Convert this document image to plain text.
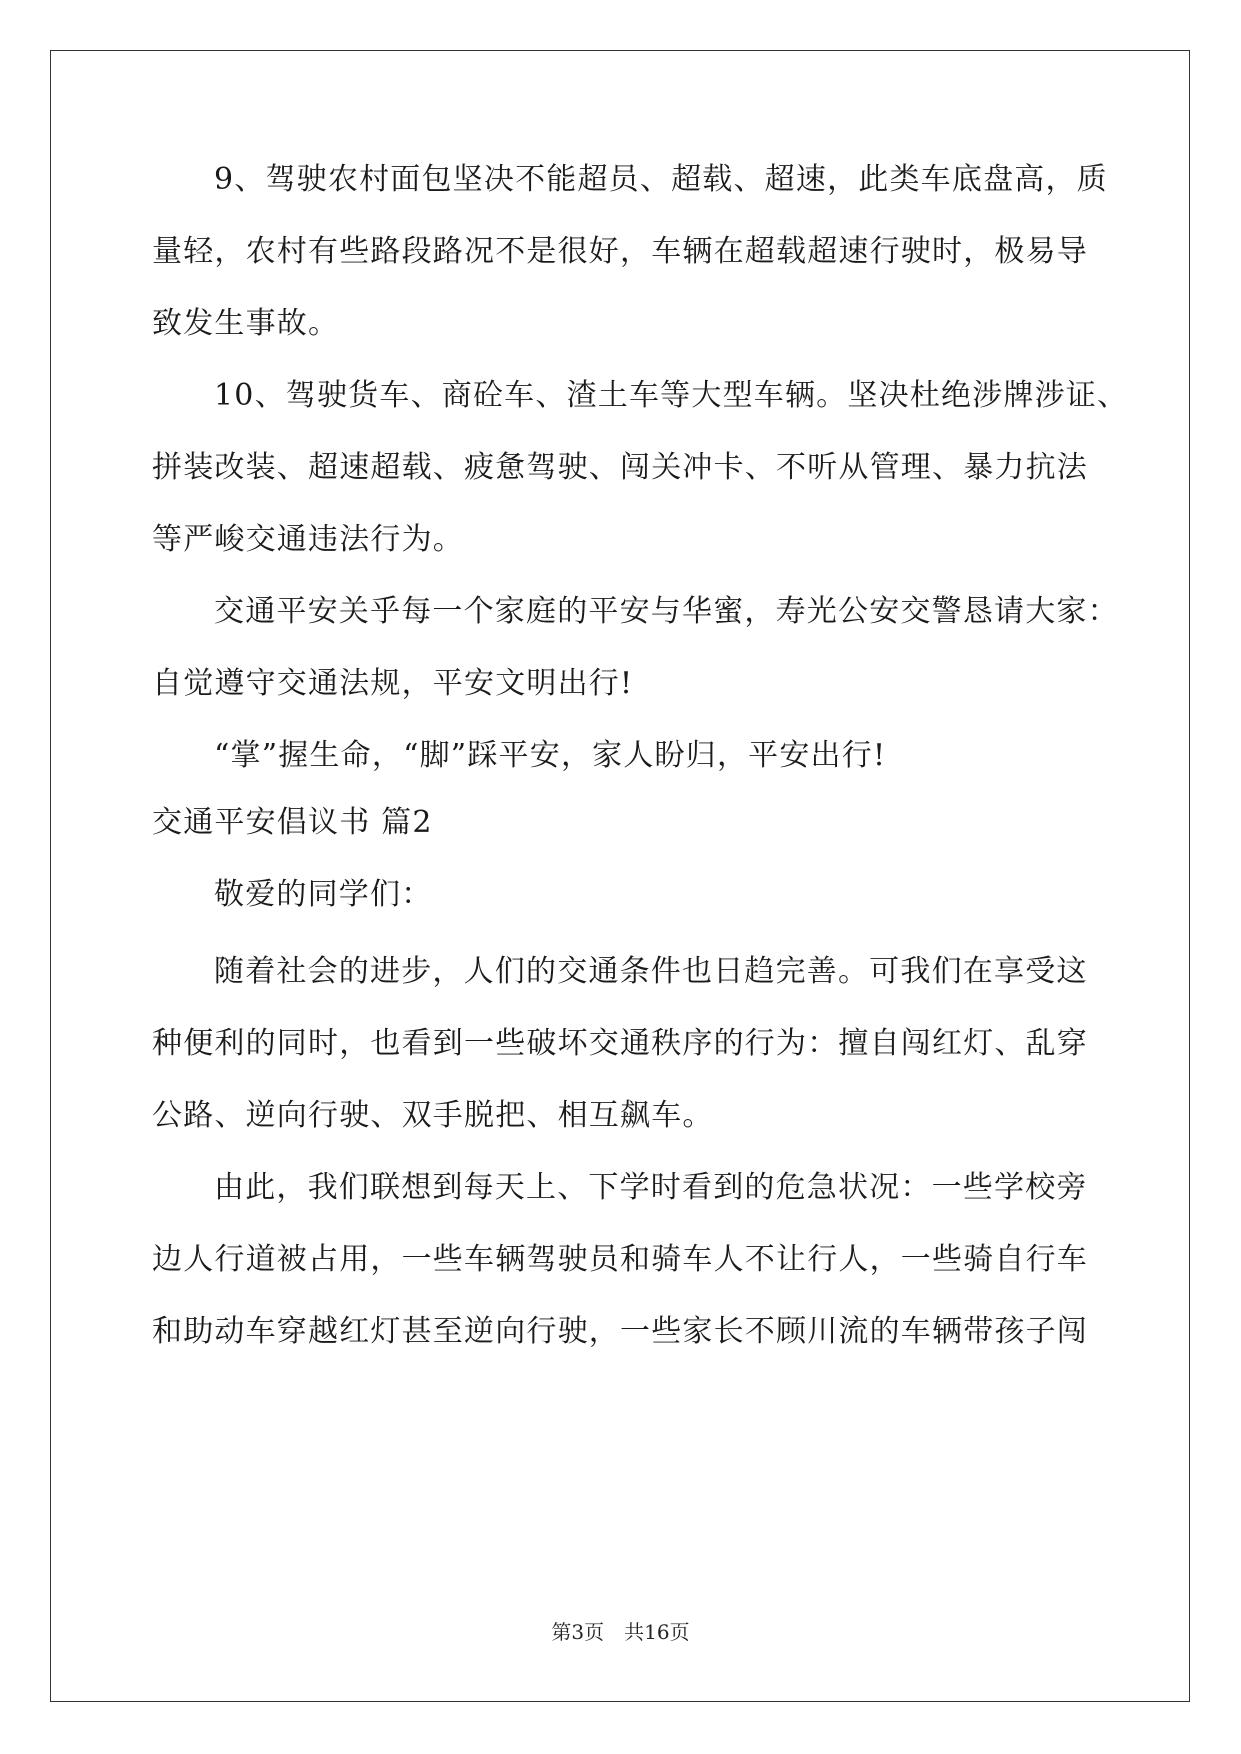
9、驾驶农村面包坚决不能超员、超载、超速，此类车底盘高，质
量轻，农村有些路段路况不是很好，车辆在超载超速行驶时，极易导
致发生事故。
10、驾驶货车、商砼车、渣土车等大型车辆。坚决杜绝涉牌涉证、
拼装改装、超速超载、疲惫驾驶、闯关冲卡、不听从管理、暴力抗法
等严峻交通违法行为。
交通平安关乎每一个家庭的平安与华蜜，寿光公安交警恳请大家：
自觉遵守交通法规，平安文明出行!
“掌”握生命，“脚”踩平安，家人盼归，平安出行!
交通平安倡议书 篇2
敬爱的同学们：
随着社会的进步，人们的交通条件也日趋完善。可我们在享受这
种便利的同时，也看到一些破坏交通秩序的行为：擅自闯红灯、乱穿
公路、逆向行驶、双手脱把、相互飙车。
由此，我们联想到每天上、下学时看到的危急状况：一些学校旁
边人行道被占用，一些车辆驾驶员和骑车人不让行人，一些骑自行车
和助动车穿越红灯甚至逆向行驶，一些家长不顾川流的车辆带孩子闯
第3页　共16页
